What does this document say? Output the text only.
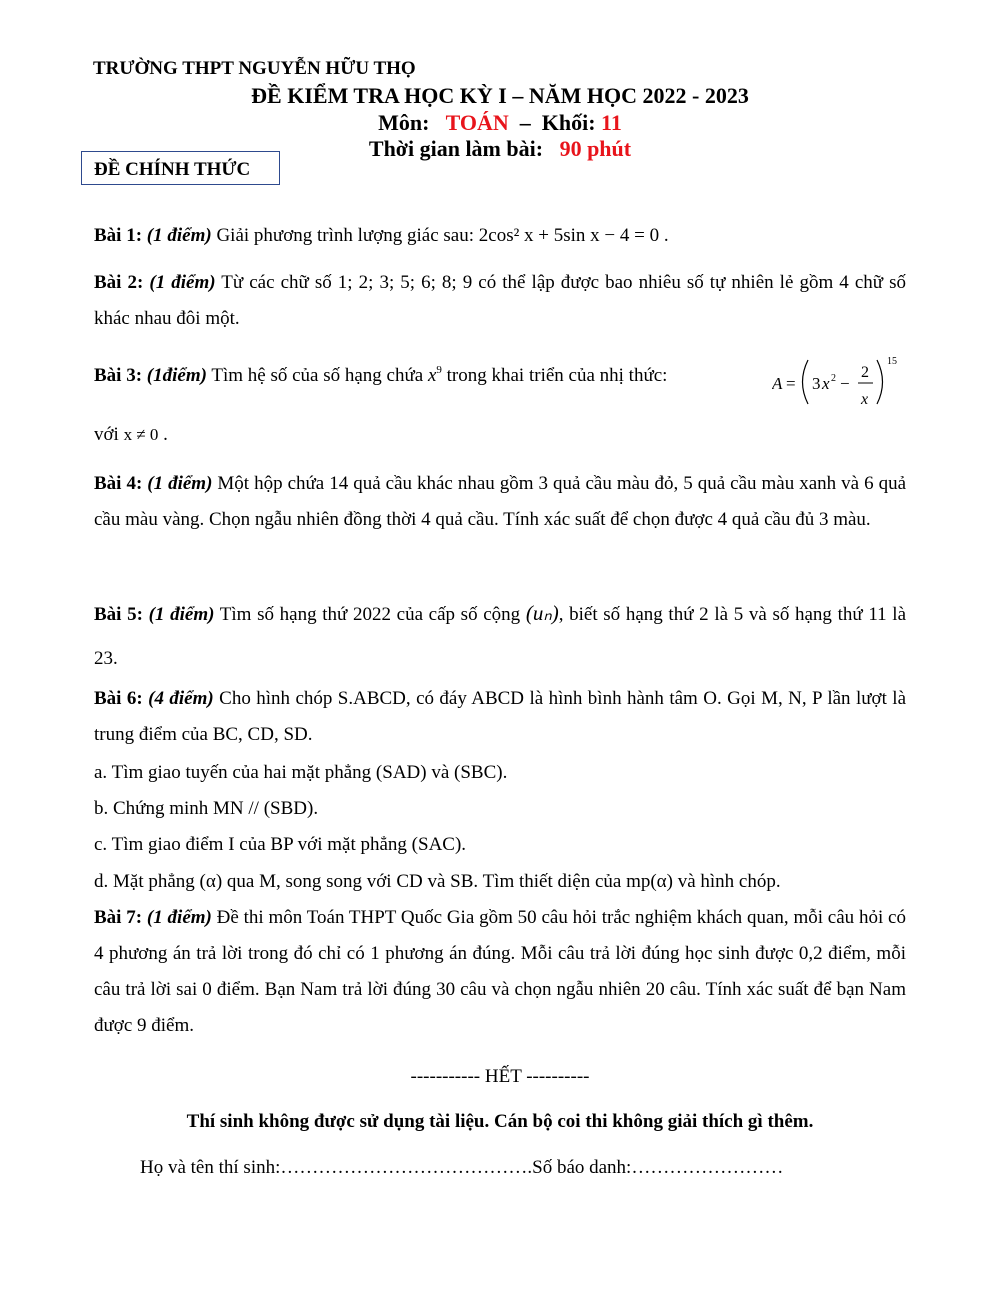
TRƯỜNG THPT NGUYỄN HỮU THỌ
ĐỀ KIỂM TRA HỌC KỲ I – NĂM HỌC 2022 - 2023
Môn: TOÁN – Khối: 11
Thời gian làm bài: 90 phút
ĐỀ CHÍNH THỨC
Bài 1: (1 điểm) Giải phương trình lượng giác sau: 2cos² x + 5sin x − 4 = 0 .
Bài 2: (1 điểm) Từ các chữ số 1; 2; 3; 5; 6; 8; 9 có thể lập được bao nhiêu số tự nhiên lẻ gồm 4 chữ số khác nhau đôi một.
Bài 3: (1điểm) Tìm hệ số của số hạng chứa $x^9$ trong khai triển của nhị thức:	A = 3 x 2 −
2
x
15
với x ≠ 0 .
Bài 4: (1 điểm) Một hộp chứa 14 quả cầu khác nhau gồm 3 quả cầu màu đỏ, 5 quả cầu màu xanh và 6 quả cầu màu vàng. Chọn ngẫu nhiên đồng thời 4 quả cầu. Tính xác suất để chọn được 4 quả cầu đủ 3 màu.
Bài 5: (1 điểm) Tìm số hạng thứ 2022 của cấp số cộng (uₙ), biết số hạng thứ 2 là 5 và số hạng thứ 11 là 23.
Bài 6: (4 điểm) Cho hình chóp S.ABCD, có đáy ABCD là hình bình hành tâm O. Gọi M, N, P lần lượt là trung điểm của BC, CD, SD.
a. Tìm giao tuyến của hai mặt phẳng (SAD) và (SBC).
b. Chứng minh MN // (SBD).
c. Tìm giao điểm I của BP với mặt phẳng (SAC).
d. Mặt phẳng (α) qua M, song song với CD và SB. Tìm thiết diện của mp(α) và hình chóp.
Bài 7: (1 điểm) Đề thi môn Toán THPT Quốc Gia gồm 50 câu hỏi trắc nghiệm khách quan, mỗi câu hỏi có 4 phương án trả lời trong đó chỉ có 1 phương án đúng. Mỗi câu trả lời đúng học sinh được 0,2 điểm, mỗi câu trả lời sai 0 điểm. Bạn Nam trả lời đúng 30 câu và chọn ngẫu nhiên 20 câu. Tính xác suất để bạn Nam được 9 điểm.
----------- HẾT ----------
Thí sinh không được sử dụng tài liệu. Cán bộ coi thi không giải thích gì thêm.
Họ và tên thí sinh:………………………………….Số báo danh:……………………
